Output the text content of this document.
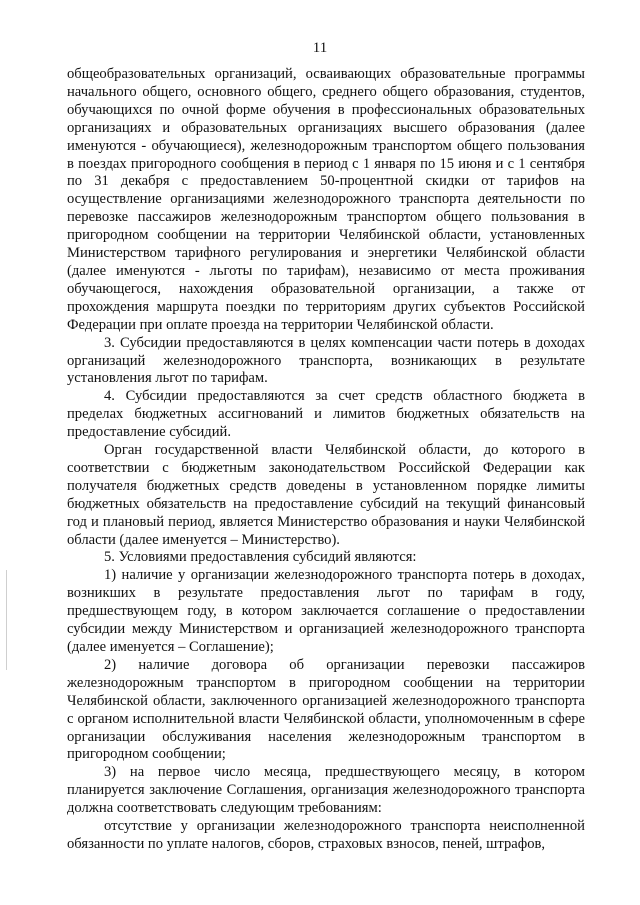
11

общеобразовательных организаций, осваивающих образовательные программы начального общего, основного общего, среднего общего образования, студентов, обучающихся по очной форме обучения в профессиональных образовательных организациях и образовательных организациях высшего образования (далее именуются - обучающиеся), железнодорожным транспортом общего пользования в поездах пригородного сообщения в период с 1 января по 15 июня и с 1 сентября по 31 декабря с предоставлением 50-процентной скидки от тарифов на осуществление организациями железнодорожного транспорта деятельности по перевозке пассажиров железнодорожным транспортом общего пользования в пригородном сообщении на территории Челябинской области, установленных Министерством тарифного регулирования и энергетики Челябинской области (далее именуются - льготы по тарифам), независимо от места проживания обучающегося, нахождения образовательной организации, а также от прохождения маршрута поездки по территориям других субъектов Российской Федерации при оплате проезда на территории Челябинской области.

3. Субсидии предоставляются в целях компенсации части потерь в доходах организаций железнодорожного транспорта, возникающих в результате установления льгот по тарифам.

4. Субсидии предоставляются за счет средств областного бюджета в пределах бюджетных ассигнований и лимитов бюджетных обязательств на предоставление субсидий.

Орган государственной власти Челябинской области, до которого в соответствии с бюджетным законодательством Российской Федерации как получателя бюджетных средств доведены в установленном порядке лимиты бюджетных обязательств на предоставление субсидий на текущий финансовый год и плановый период, является Министерство образования и науки Челябинской области (далее именуется – Министерство).

5. Условиями предоставления субсидий являются:

1) наличие у организации железнодорожного транспорта потерь в доходах, возникших в результате предоставления льгот по тарифам в году, предшествующем году, в котором заключается соглашение о предоставлении субсидии между Министерством и организацией железнодорожного транспорта (далее именуется – Соглашение);

2) наличие договора об организации перевозки пассажиров железнодорожным транспортом в пригородном сообщении на территории Челябинской области, заключенного организацией железнодорожного транспорта с органом исполнительной власти Челябинской области, уполномоченным в сфере организации обслуживания населения железнодорожным транспортом в пригородном сообщении;

3) на первое число месяца, предшествующего месяцу, в котором планируется заключение Соглашения, организация железнодорожного транспорта должна соответствовать следующим требованиям:

отсутствие у организации железнодорожного транспорта неисполненной обязанности по уплате налогов, сборов, страховых взносов, пеней, штрафов,
